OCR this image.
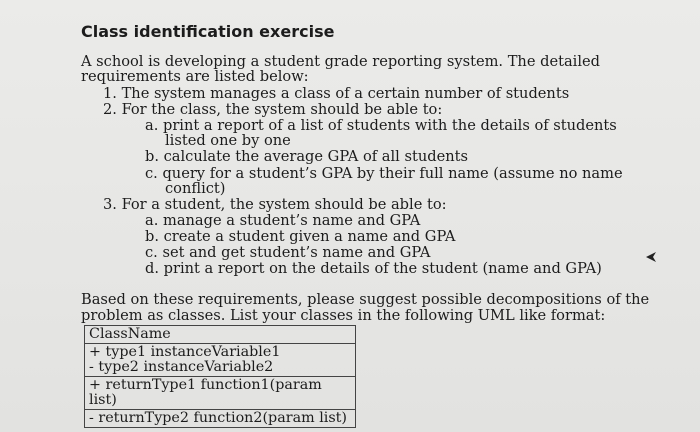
Class identification exercise
A school is developing a student grade reporting system. The detailed
requirements are listed below:
1. The system manages a class of a certain number of students
2. For the class, the system should be able to:
a. print a report of a list of students with the details of students
listed one by one
b. calculate the average GPA of all students
c. query for a student’s GPA by their full name (assume no name
conflict)
3. For a student, the system should be able to:
a. manage a student’s name and GPA
b. create a student given a name and GPA
c. set and get student’s name and GPA
d. print a report on the details of the student (name and GPA)
Based on these requirements, please suggest possible decompositions of the
problem as classes. List your classes in the following UML like format:
ClassName
+ type1 instanceVariable1
- type2 instanceVariable2
+ returnType1 function1(param
list)
- returnType2 function2(param list)
